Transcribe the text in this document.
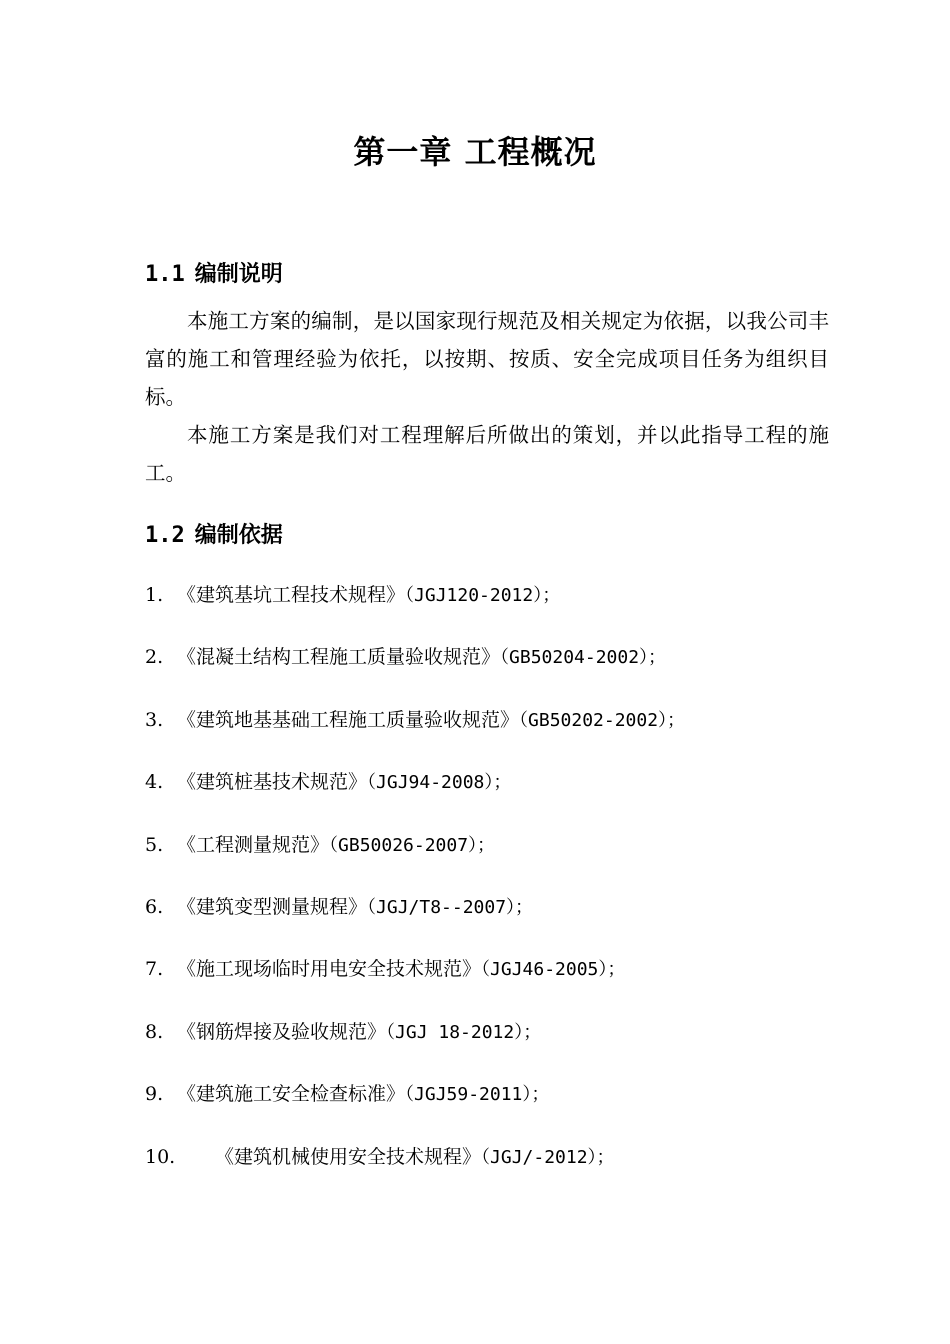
第一章 工程概况
1.1 编制说明

本施工方案的编制，是以国家现行规范及相关规定为依据，以我公司丰富的施工和管理经验为依托，以按期、按质、安全完成项目任务为组织目标。

本施工方案是我们对工程理解后所做出的策划，并以此指导工程的施工。

1.2 编制依据
1. 《建筑基坑工程技术规程》（JGJ120-2012）；
2. 《混凝土结构工程施工质量验收规范》（GB50204-2002）；
3. 《建筑地基基础工程施工质量验收规范》（GB50202-2002）；
4. 《建筑桩基技术规范》（JGJ94-2008）；
5. 《工程测量规范》（GB50026-2007）；
6. 《建筑变型测量规程》（JGJ/T8--2007）；
7. 《施工现场临时用电安全技术规范》（JGJ46-2005）；
8. 《钢筋焊接及验收规范》（JGJ 18-2012）；
9. 《建筑施工安全检查标准》（JGJ59-2011）；
10. 《建筑机械使用安全技术规程》（JGJ/-2012）；
